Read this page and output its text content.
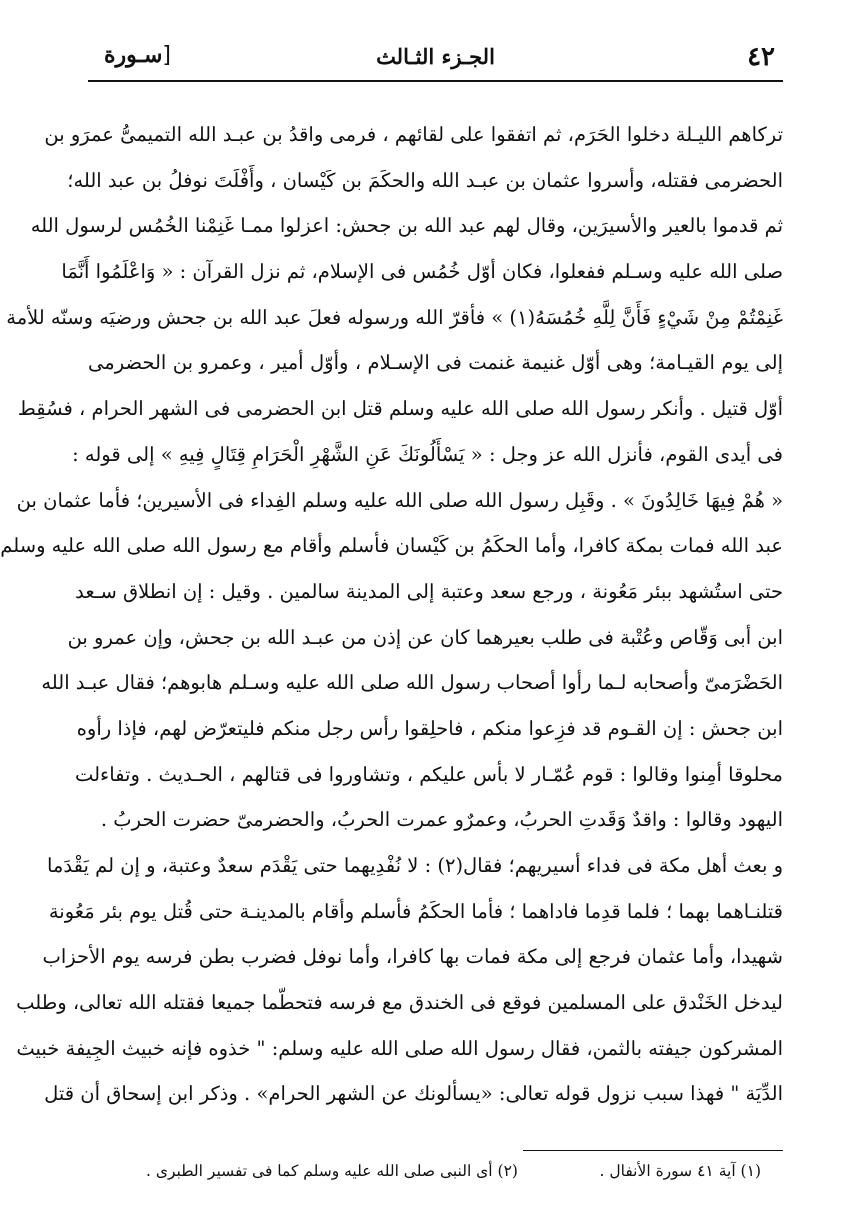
٤٢
الجـزء الثـالث
[سـورة
تركاهم الليـلة دخلوا الحَرَم، ثم اتفقوا على لقائهم ، فرمى واقدُ بن عبـد الله التميمىُّ عمرَو بن
الحضرمى فقتله، وأسروا عثمان بن عبـد الله والحكَمَ بن كَيْسان ، وأَفْلَتَ نوفلُ بن عبد الله؛
ثم قدموا بالعير والأسيرَين، وقال لهم عبد الله بن جحش: اعزلوا ممـا غَنِمْنا الخُمُس لرسول الله
صلى الله عليه وسـلم ففعلوا، فكان أوّل خُمُس فى الإسلام، ثم نزل القرآن : « وَاعْلَمُوا أَنَّمَا
غَنِمْتُمْ مِنْ شَيْءٍ فَأَنَّ لِلَّهِ خُمُسَهُ(١) » فأقرّ الله ورسوله فعلَ عبد الله بن جحش ورضيَه وسنّه للأمة
إلى يوم القيـامة؛ وهى أوّل غنيمة غنمت فى الإسـلام ، وأوّل أمير ، وعمرو بن الحضرمى
أوّل قتيل . وأنكر رسول الله صلى الله عليه وسلم قتل ابن الحضرمى فى الشهر الحرام ، فسُقِط
فى أيدى القوم، فأنزل الله عز وجل : « يَسْأَلُونَكَ عَنِ الشَّهْرِ الْحَرَامِ قِتَالٍ فِيهِ » إلى قوله :
« هُمْ فِيهَا خَالِدُونَ » . وقَبِل رسول الله صلى الله عليه وسلم الفِداء فى الأسيرين؛ فأما عثمان بن
عبد الله فمات بمكة كافرا، وأما الحكَمُ بن كَيْسان فأسلم وأقام مع رسول الله صلى الله عليه وسلم
حتى استُشهد ببئر مَعُونة ، ورجع سعد وعتبة إلى المدينة سالمين . وقيل : إن انطلاق سـعد
ابن أبى وَقّاص وعُتْبة فى طلب بعيرهما كان عن إذن من عبـد الله بن جحش، وإن عمرو بن
الحَضْرَمىّ وأصحابه لـما رأوا أصحاب رسول الله صلى الله عليه وسـلم هابوهم؛ فقال عبـد الله
ابن جحش : إن القـوم قد فزِعوا منكم ، فاحلِقوا رأس رجل منكم فليتعرّض لهم، فإذا رأوه
محلوقا أمِنوا وقالوا : قوم عُمّـار لا بأس عليكم ، وتشاوروا فى قتالهم ، الحـديث . وتفاءلت
اليهود وقالوا : واقدٌ وَقَدتِ الحربُ، وعمرٌو عمرت الحربُ، والحضرمىّ حضرت الحربُ .
و بعث أهل مكة فى فداء أسيريهم؛ فقال(٢) : لا نُفْدِيهما حتى يَقْدَم سعدٌ وعتبة، و إن لم يَقْدَما
قتلنـاهما بهما ؛ فلما قدِما فاداهما ؛ فأما الحكَمُ فأسلم وأقام بالمدينـة حتى قُتل يوم بئر مَعُونة
شهيدا، وأما عثمان فرجع إلى مكة فمات بها كافرا، وأما نوفل فضرب بطن فرسه يوم الأحزاب
ليدخل الخَنْدق على المسلمين فوقع فى الخندق مع فرسه فتحطّما جميعا فقتله الله تعالى، وطلب
المشركون جيفته بالثمن، فقال رسول الله صلى الله عليه وسلم: " خذوه فإنه خبيث الجِيفة خبيث
الدِّيَة " فهذا سبب نزول قوله تعالى: «يسألونك عن الشهر الحرام» . وذكر ابن إسحاق أن قتل
(١) آية ٤١ سورة الأنفال .
(٢) أى النبى صلى الله عليه وسلم كما فى تفسير الطبرى .
